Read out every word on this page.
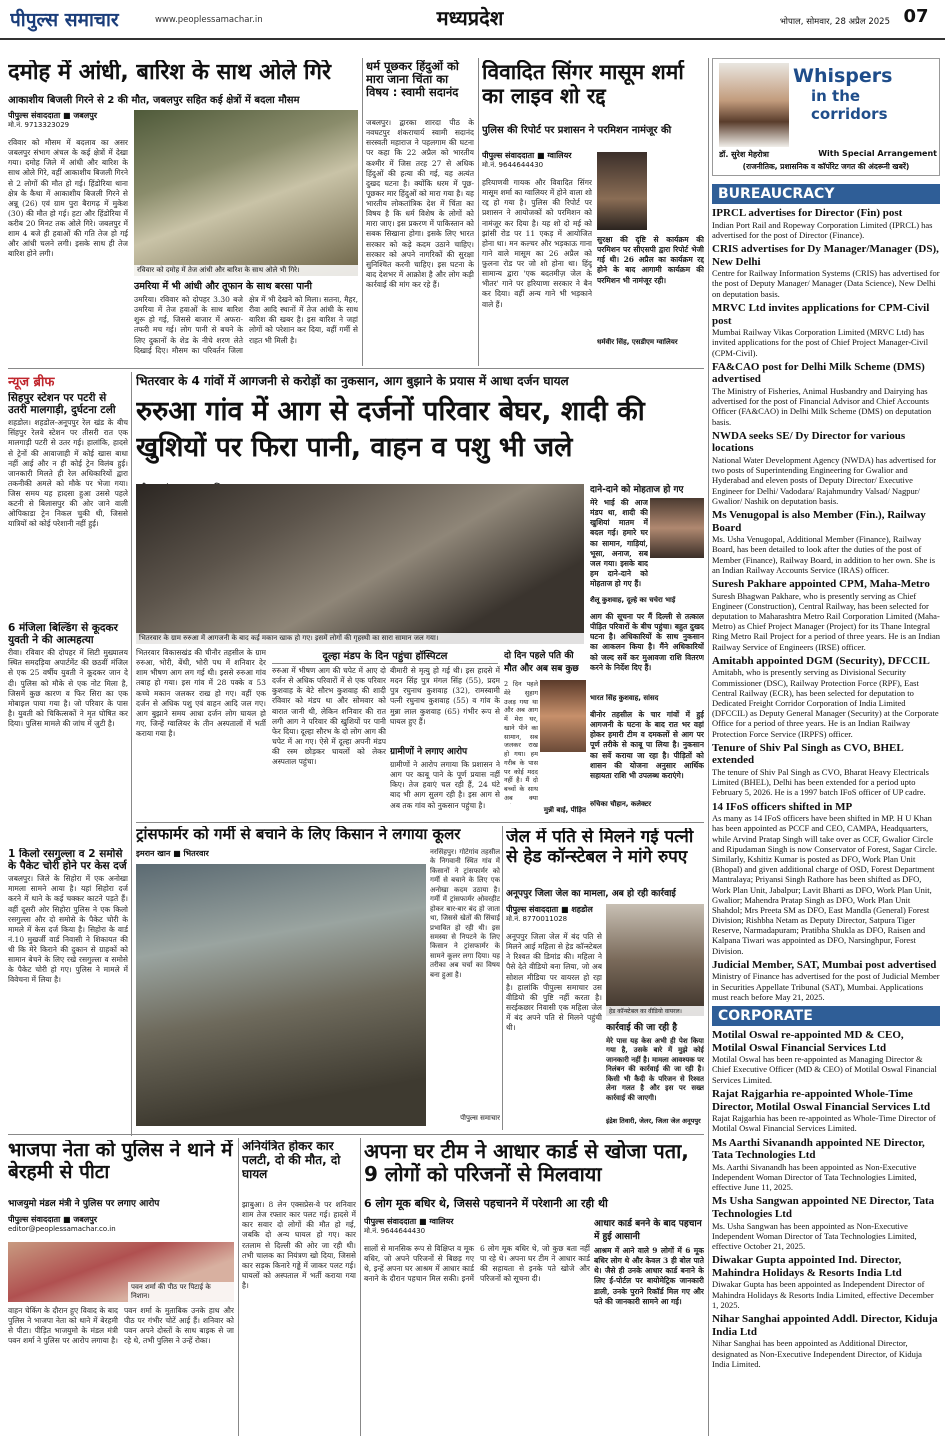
पीपुल्स समाचार	www.peoplessamachar.in	मध्यप्रदेश	भोपाल, सोमवार, 28 अप्रैल 2025 07
दमोह में आंधी, बारिश के साथ ओले गिरे
आकाशीय बिजली गिरने से 2 की मौत, जबलपुर सहित कई क्षेत्रों में बदला मौसम
पीपुल्स संवाददाता ■ जबलपुर
मो.नं. 9713323029
रविवार को मौसम में बदलाव का असर जबलपुर संभाग अंचल के कई क्षेत्रों में देखा गया। दमोह जिले में आंधी और बारिश के साथ ओले गिरे, वहीं आकाशीय बिजली गिरने से 2 लोगों की मौत हो गई। हिंडोरिया थाना क्षेत्र के कैथा में आकाशीय बिजली गिरने से अन्नू (26) एवं ग्राम पुरा बैरागढ़ में मुकेश (30) की मौत हो गई। हटा और हिंडोरिया में करीब 20 मिनट तक ओले गिरे। जबलपुर में शाम 4 बजे ही हवाओं की गति तेज हो गई और आंधी चलने लगी। इसके साथ ही तेज बारिश होने लगी।
रविवार को दमोह में तेज आंधी और बारिश के साथ ओले भी गिरे।
उमरिया में भी आंधी और तूफान के साथ बरसा पानी
उमरिया। रविवार को दोपहर 3.30 बजे उमरिया में तेज हवाओं के साथ बारिश शुरू हो गई, जिससे बाजार में अफरा-तफरी मच गई। लोग पानी से बचने के लिए दुकानों के शेड के नीचे शरण लेते दिखाई दिए। मौसम का परिवर्तन जिला क्षेत्र में भी देखने को मिला। सतना, मैहर, रीवा आदि स्थानों में तेज आंधी के साथ बारिश की खबर है। इस बारिश ने जहां लोगों को परेशान कर दिया, वहीं गर्मी से राहत भी मिली है।
धर्म पूछकर हिंदुओं को मारा जाना चिंता का विषय : स्वामी सदानंद
जबलपुर। द्वारका शारदा पीठ के नवघटपुर शंकराचार्य स्वामी सदानंद सरस्वती महाराज ने पहलगाम की घटना पर कहा कि 22 अप्रैल को भारतीय कश्मीर में जिस तरह 27 से अधिक हिंदुओं की हत्या की गई, यह अत्यंत दुखद घटना है। क्योंकि धरम में पूछ-पूछकर मार हिंदुओं को मारा गया है। यह भारतीय लोकतांत्रिक देश में चिंता का विषय है कि धर्म विशेष के लोगों को मारा जाए। इस प्रकरण में पाकिस्तान को सबक सिखाना होगा। इसके लिए भारत सरकार को कड़े कदम उठाने चाहिए। सरकार को अपने नागरिकों की सुरक्षा सुनिश्चित करनी चाहिए। इस घटना के बाद देशभर में आक्रोश है और लोग कड़ी कार्रवाई की मांग कर रहे हैं।
विवादित सिंगर मासूम शर्मा का लाइव शो रद्द
पुलिस की रिपोर्ट पर प्रशासन ने परमिशन नामंजूर की
पीपुल्स संवाददाता ■ ग्वालियर
मो.नं. 9644644430
हरियाणवी गायक और विवादित सिंगर मासूम शर्मा का ग्वालियर में होने वाला शो रद्द हो गया है। पुलिस की रिपोर्ट पर प्रशासन ने आयोजकों को परमिशन को नामंजूर कर दिया है। यह शो दो मई को झांसी रोड पर 11 एकड़ में आयोजित होना था। मन कल्चर और भड़काऊ गाना गाने वाले मासूम का 26 अप्रैल को फ़ुलना रोड पर जो शो होना था। हिंदू सामान्य द्वारा 'एक बदतमीज़ जेल के भीतर' गाने पर हरियाणा सरकार ने बैन कर दिया। वहीं अन्य गाने भी भड़काने वाले हैं।
सुरक्षा की दृष्टि से कार्यक्रम की परमिशन पर सीएसपी द्वारा रिपोर्ट भेजी गई थी। 26 अप्रैल का कार्यक्रम रद्द होने के बाद आगामी कार्यक्रम की परमिशन भी नामंजूर रही।
धर्मवीर सिंह, एसडीएम ग्वालियर
न्यूज ब्रीफ
सिहपुर स्टेशन पर पटरी से उतरी मालगाड़ी, दुर्घटना टली
शहडोल। शहडोल-अनूपपुर रेल खंड के बीच सिंहपुर रेलवे स्टेशन पर तीसरी रात एक मालगाड़ी पटरी से उतर गई। हालांकि, हादसे से ट्रेनों की आवाजाही में कोई खास बाधा नहीं आई और न ही कोई ट्रेन विलंब हुई। जानकारी मिलते ही रेल अधिकारियों द्वारा तकनीकी अमले को मौके पर भेजा गया। जिस समय यह हादसा हुआ उससे पहले कटनी से बिलासपुर की ओर जाने वाली ओपिकाडा ट्रेन निकल चुकी थी, जिससे यात्रियों को कोई परेशानी नहीं हुई।
6 मंजिला बिल्डिंग से कूदकर युवती ने की आत्महत्या
रीवा। रविवार की दोपहर में सिटी मुख्यालय स्थित समदड़िया अपार्टमेंट की छठवीं मंजिल से एक 25 वर्षीय युवती ने कूदकर जान दे दी। पुलिस को मौके से एक नोट मिला है, जिसमें कुछ कारण व फिर सिरा का एक मोबाइल पाया गया है। जो परिवार के पास है। युवती को चिकित्सकों ने मृत घोषित कर दिया। पुलिस मामले की जांच में जुटी है।
1 किलो रसगुल्ला व 2 समोसे के पैकेट चोरी होने पर केस दर्ज
जबलपुर। जिले के सिहोरा में एक अनोखा मामला सामने आया है। यहां सिहोरा दर्ज करने में थाने के कई चक्कर काटने पड़ते हैं। वहीं दूसरी ओर सिहोरा पुलिस ने एक किलो रसगुल्ला और दो समोसे के पैकेट चोरी के मामले में केस दर्ज किया है। सिहोरा के वार्ड नं.10 मुखर्जी वार्ड निवासी ने शिकायत की थी कि मेरे किराने की दुकान से ग्राहकों को सामान बेचने के लिए रखे रसगुल्ला व समोसे के पैकेट चोरी हो गए। पुलिस ने मामले में विवेचना में लिया है।
भितरवार के 4 गांवों में आगजनी से करोड़ों का नुकसान, आग बुझाने के प्रयास में आधा दर्जन घायल
रुरुआ गांव में आग से दर्जनों परिवार बेघर, शादी की खुशियों पर फिरा पानी, वाहन व पशु भी जले
भितरवार के ग्राम रुरुआ में आगजनी के बाद कई मकान खाक हो गए। इसमें लोगों की गृहस्थी का सारा सामान जल गया।
दाने-दाने को मोहताज हो गए
मेरे भाई की आज मंडप था, शादी की खुशियां मातम में बदल गई। हमारे घर का सामान, गाड़ियां, भूसा, अनाज, सब जल गया। इसके बाद हम दाने-दाने को मोहताज हो गए हैं।
शैलू कुशवाह, दूल्हे का चचेरा भाई
आग की सूचना पर मैं दिल्ली से तत्काल पीड़ित परिवारों के बीच पहुंचा। बहुत दुखद घटना है। अधिकारियों के साथ नुकसान का आकलन किया है। मैंने अधिकारियों को जल्द सर्वे कर मुआवजा राशि वितरण करने के निर्देश दिए हैं।
भारत सिंह कुशवाह, सांसद
बीनोर तहसील के चार गांवों में हुई आगजनी के घटना के बाद रात भर वहां होकर हमारी टीम व दमकलों से आग पर पूर्ण तरीके से काबू पा लिया है। नुकसान का सर्वे कराया जा रहा है। पीड़ितों को शासन की योजना अनुसार आर्थिक सहायता राशि भी उपलब्ध कराएंगे।
रुचिका चौहान, कलेक्टर
भितरवार विकासखंड की चीनौर तहसील के ग्राम रुरुआ, भोरी, बेंथी, भोरी पथ में शनिवार देर शाम भीषण आग लग गई थी। इससे रुरुआ गांव तबाह हो गया। इस गांव में 28 पक्के व 53 कच्चे मकान जलकर राख हो गए। वहीं एक दर्जन से अधिक पशु एवं वाहन आदि जल गए। आग बुझाने समय आधा दर्जन लोग घायल हो गए, जिन्हें ग्वालियर के तीन अस्पतालों में भर्ती कराया गया है।
दूल्हा मंडप के दिन पहुंचा हॉस्पिटल
रुरुआ में भीषण आग की चपेट में आए दो दर्जन से अधिक परिवारों में से एक परिवार कुशवाह के बेटे सौरभ कुशवाह की शादी रविवार को मंडप था और सोमवार को बारात जानी थी, लेकिन शनिवार की रात लगी आग ने परिवार की खुशियों पर पानी फेर दिया। दूल्हा सौरभ के दो लोग आग की चपेट में आ गए। ऐसे में दूल्हा अपनी मंडप की रस्म छोड़कर घायलों को लेकर अस्पताल पहुंचा।
बीमारी से मृत्यु हो गई थी। इस हादसे में मदन सिंह पुत्र मंगल सिंह (55), प्रदम पुत्र रघुनाथ कुशवाह (32), रामस्वामी पत्नी रघुनाथ कुशवाह (55) व गांव के मुन्ना लाल कुशवाह (65) गंभीर रूप से घायल हुए हैं।
ग्रामीणों ने लगाए आरोप
ग्रामीणों ने आरोप लगाया कि प्रशासन ने आग पर काबू पाने के पूर्ण प्रयास नहीं किए। तेज हवाएं चल रही हैं, 24 घंटे बाद भी आग सुलग रही है। इस आग से अब तक गांव को नुकसान पहुंचा है।
दो दिन पहले पति की मौत और अब सब कुछ
2 दिन पहले मेरे सुहाग उजड़ गया था और अब आग में मेरा घर, खाने पीने का सामान, सब जलकर राख हो गया। हम गरीब के पास पर कोई मदद नहीं है। मैं दो बच्चों के साथ अब क्या
मुन्नी बाई, पीड़ित
ट्रांसफार्मर को गर्मी से बचाने के लिए किसान ने लगाया कूलर
इमरान खान ■ भितरवार	नरसिंहपुर। गोटेगांव तहसील के निगवानी स्थित गांव में किसानों ने ट्रांसफार्मर को गर्मी से बचाने के लिए एक अनोखा कदम उठाया है। गर्मी में ट्रांसफार्मर ओवरहीट होकर बार-बार बंद हो जाता था, जिससे खेतों की सिंचाई प्रभावित हो रही थी। इस समस्या से निपटने के लिए किसान ने ट्रांसफार्मर के सामने कूलर लगा दिया। यह तरीका अब चर्चा का विषय बना हुआ है।
पीपुल्स समाचार
जेल में पति से मिलने गई पत्नी से हेड कॉन्स्टेबल ने मांगे रुपए
अनूपपुर जिला जेल का मामला, अब हो रही कार्रवाई
पीपुल्स संवाददाता ■ शहडोल
मो.नं. 8770011028
अनूपपुर जिला जेल में बंद पति से मिलने आई महिला से हेड कॉन्स्टेबल ने रिश्वत की डिमांड की। महिला ने पैसे देते वीडियो बना लिया, जो अब सोशल मीडिया पर वायरल हो रहा है। हालांकि पीपुल्स समाचार उस वीडियो की पुष्टि नहीं करता है। सरईकछार निवासी एक महिला जेल में बंद अपने पति से मिलने पहुंची थी।
हेड कॉन्स्टेबल का वीडियो वायरल।
कार्रवाई की जा रही है
मेरे पास यह केस अभी ही पेश किया गया है, उसके बारे में मुझे कोई जानकारी नहीं है। मामला आवश्यक पर निलंबन की कार्रवाई की जा रही है। किसी भी कैदी के परिजन से रिश्वत लेना गलत है और इस पर सख्त कार्रवाई की जाएगी।
इंद्रेश तिवारी, जेलर, जिला जेल अनूपपुर
भाजपा नेता को पुलिस ने थाने में बेरहमी से पीटा
भाजयुमो मंडल मंत्री ने पुलिस पर लगाए आरोप
पीपुल्स संवाददाता ■ जबलपुर
editor@peoplessamachar.co.in
पवन शर्मा की पीठ पर पिटाई के निशान।
वाहन चेकिंग के दौरान हुए विवाद के बाद पुलिस ने भाजपा नेता को थाने में बेरहमी से पीटा। पीड़ित भाजयुमो के मंडल मंत्री पवन शर्मा ने पुलिस पर आरोप लगाया है। पवन शर्मा के मुताबिक उनके हाथ और पीठ पर गंभीर चोटें आई हैं। शनिवार को पवन अपने दोस्तों के साथ बाइक से जा रहे थे, तभी पुलिस ने उन्हें रोका।
अनियंत्रित होकर कार पलटी, दो की मौत, दो घायल
झाबुआ। 8 लेन एक्सप्रेस-वे पर शनिवार शाम तेज रफ्तार कार पलट गई। हादसे में कार सवार दो लोगों की मौत हो गई, जबकि दो अन्य घायल हो गए। कार रतलाम से दिल्ली की ओर जा रही थी। तभी चालक का नियंत्रण खो दिया, जिससे कार सड़क किनारे गड्ढे में जाकर पलट गई। घायलों को अस्पताल में भर्ती कराया गया है।
अपना घर टीम ने आधार कार्ड से खोजा पता, 9 लोगों को परिजनों से मिलवाया
6 लोग मूक बधिर थे, जिससे पहचानने में परेशानी आ रही थी
पीपुल्स संवाददाता ■ ग्वालियर
मो.नं. 9644644430
सालों से मानसिक रूप से विक्षिप्त व मूक बधिर, जो अपने परिजनों से बिछड़ गए थे, इन्हें अपना घर आश्रम में आधार कार्ड बनाने के दौरान पहचान मिल सकी। इनमें 6 लोग मूक बधिर थे, जो कुछ बता नहीं पा रहे थे। अपना घर टीम ने आधार कार्ड की सहायता से इनके पते खोजे और परिजनों को सूचना दी।
आधार कार्ड बनने के बाद पहचान में हुई आसानी
आश्रम में आने वाले 9 लोगों में 6 मूक बधिर लोग थे और केवल 3 ही बोल पाते थे। जैसे ही उनके आधार कार्ड बनाने के लिए ई-पोर्टल पर बायोमेट्रिक जानकारी डाली, उनके पुराने रिकॉर्ड मिल गए और पते की जानकारी सामने आ गई।
Whispers
in the corridors
डॉ. सुरेश मेहरोत्रा	With Special Arrangement
(राजनीतिक, प्रशासनिक व कॉर्पोरेट जगत की अंदरूनी खबरें)
BUREAUCRACY
IPRCL advertises for Director (Fin) post
Indian Port Rail and Ropeway Corporation Limited (IPRCL) has advertised for the post of Director (Finance).
CRIS advertises for Dy Manager/Manager (DS), New Delhi
Centre for Railway Information Systems (CRIS) has advertised for the post of Deputy Manager/ Manager (Data Science), New Delhi on deputation basis.
MRVC Ltd invites applications for CPM-Civil post
Mumbai Railway Vikas Corporation Limited (MRVC Ltd) has invited applications for the post of Chief Project Manager-Civil (CPM-Civil).
FA&CAO post for Delhi Milk Scheme (DMS) advertised
The Ministry of Fisheries, Animal Husbandry and Dairying has advertised for the post of Financial Advisor and Chief Accounts Officer (FA&CAO) in Delhi Milk Scheme (DMS) on deputation basis.
NWDA seeks SE/ Dy Director for various locations
National Water Development Agency (NWDA) has advertised for two posts of Superintending Engineering for Gwalior and Hyderabad and eleven posts of Deputy Director/ Executive Engineer for Delhi/ Vadodara/ Rajahmundry Valsad/ Nagpur/ Gwalior/ Nashik on deputation basis.
Ms Venugopal is also Member (Fin.), Railway Board
Ms. Usha Venugopal, Additional Member (Finance), Railway Board, has been detailed to look after the duties of the post of Member (Finance), Railway Board, in addition to her own. She is an Indian Railway Accounts Service (IRAS) officer.
Suresh Pakhare appointed CPM, Maha-Metro
Suresh Bhagwan Pakhare, who is presently serving as Chief Engineer (Construction), Central Railway, has been selected for deputation to Maharashtra Metro Rail Corporation Limited (Maha-Metro) as Chief Project Manager (Project) for its Thane Integral Ring Metro Rail Project for a period of three years. He is an Indian Railway Service of Engineers (IRSE) officer.
Amitabh appointed DGM (Security), DFCCIL
Amitabh, who is presently serving as Divisional Security Commissioner (DSC), Railway Protection Force (RPF), East Central Railway (ECR), has been selected for deputation to Dedicated Freight Corridor Corporation of India Limited (DFCCIL) as Deputy General Manager (Security) at the Corporate Office for a period of three years. He is an Indian Railway Protection Force Service (IRPFS) officer.
Tenure of Shiv Pal Singh as CVO, BHEL extended
The tenure of Shiv Pal Singh as CVO, Bharat Heavy Electricals Limited (BHEL), Delhi has been extended for a period upto February 5, 2026. He is a 1997 batch IFoS officer of UP cadre.
14 IFoS officers shifted in MP
As many as 14 IFoS officers have been shifted in MP. H U Khan has been appointed as PCCF and CEO, CAMPA, Headquarters, while Arvind Pratap Singh will take over as CCF, Gwalior Circle and Ripudaman Singh is now Conservator of Forest, Sagar Circle. Similarly, Kshitiz Kumar is posted as DFO, Work Plan Unit (Bhopal) and given additional charge of OSD, Forest Department Mantralaya; Priyansi Singh Rathore has been shifted as DFO, Work Plan Unit, Jabalpur; Lavit Bharti as DFO, Work Plan Unit, Gwalior; Mahendra Pratap Singh as DFO, Work Plan Unit Shahdol; Mrs Preeta SM as DFO, East Mandla (General) Forest Division; Rishbha Netam as Deputy Director, Satpura Tiger Reserve, Narmadapuram; Pratibha Shukla as DFO, Raisen and Kalpana Tiwari was appointed as DFO, Narsinghpur, Forest Division.
Judicial Member, SAT, Mumbai post advertised
Ministry of Finance has advertised for the post of Judicial Member in Securities Appellate Tribunal (SAT), Mumbai. Applications must reach before May 21, 2025.
CORPORATE
Motilal Oswal re-appointed MD & CEO, Motilal Oswal Financial Services Ltd
Motilal Oswal has been re-appointed as Managing Director & Chief Executive Officer (MD & CEO) of Motilal Oswal Financial Services Limited.
Rajat Rajgarhia re-appointed Whole-Time Director, Motilal Oswal Financial Services Ltd
Rajat Rajgarhia has been re-appointed as Whole-Time Director of Motilal Oswal Financial Services Limited.
Ms Aarthi Sivanandh appointed NE Director, Tata Technologies Ltd
Ms. Aarthi Sivanandh has been appointed as Non-Executive Independent Woman Director of Tata Technologies Limited, effective June 11, 2025.
Ms Usha Sangwan appointed NE Director, Tata Technologies Ltd
Ms. Usha Sangwan has been appointed as Non-Executive Independent Woman Director of Tata Technologies Limited, effective October 21, 2025.
Diwakar Gupta appointed Ind. Director, Mahindra Holidays & Resorts India Ltd
Diwakar Gupta has been appointed as Independent Director of Mahindra Holidays & Resorts India Limited, effective December 1, 2025.
Nihar Sanghai appointed Addl. Director, Kiduja India Ltd
Nihar Sanghai has been appointed as Additional Director, designated as Non-Executive Independent Director, of Kiduja India Limited.
